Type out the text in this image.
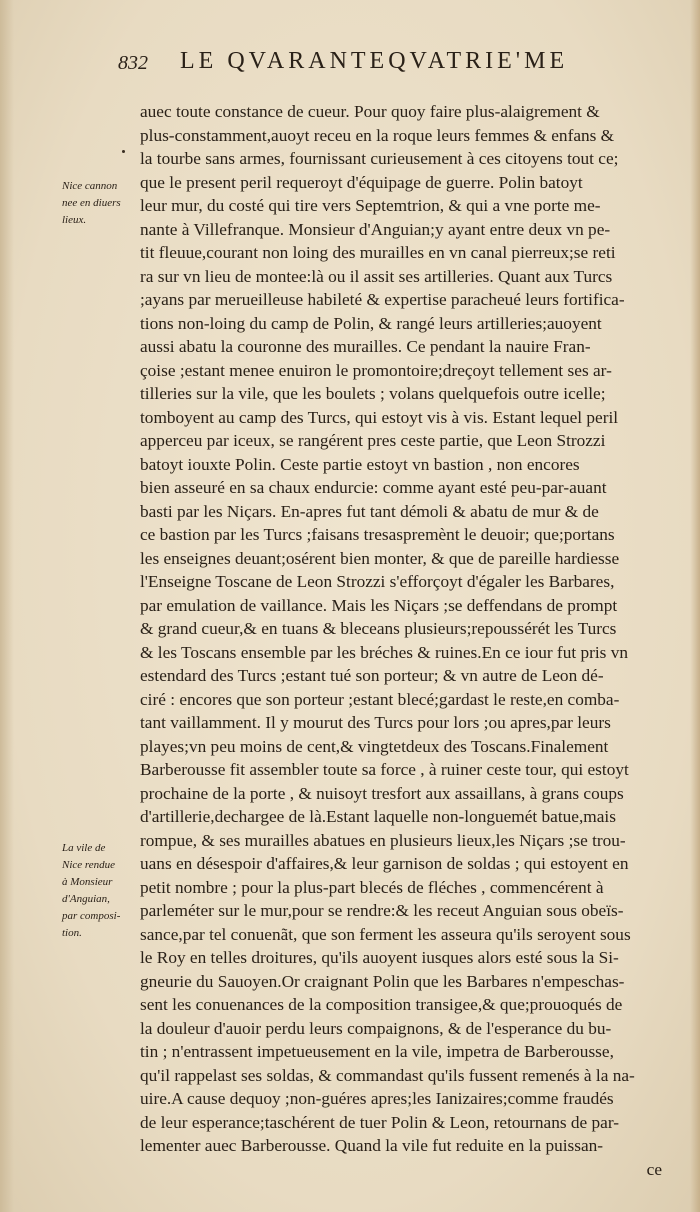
832 LE QVARANTEQVATRIE'ME
Nice cannon
nee en diuers
lieux.
La vile de
Nice rendue
à Monsieur
d'Anguian,
par composi-
tion.
auec toute constance de cueur. Pour quoy faire plus-alaigrement &
plus-constamment,auoyt receu en la roque leurs femmes & enfans &
la tourbe sans armes, fournissant curieusement à ces citoyens tout ce;
que le present peril requeroyt d'équipage de guerre. Polin batoyt
leur mur, du costé qui tire vers Septemtrion, & qui a vne porte me-
nante à Villefranque. Monsieur d'Anguian;y ayant entre deux vn pe-
tit fleuue,courant non loing des murailles en vn canal pierreux;se reti
ra sur vn lieu de montee:là ou il assit ses artilleries. Quant aux Turcs
;ayans par merueilleuse habileté & expertise paracheué leurs fortifica-
tions non-loing du camp de Polin, & rangé leurs artilleries;auoyent
aussi abatu la couronne des murailles. Ce pendant la nauire Fran-
çoise ;estant menee enuiron le promontoire;dreçoyt tellement ses ar-
tilleries sur la vile, que les boulets ; volans quelquefois outre icelle;
tomboyent au camp des Turcs, qui estoyt vis à vis. Estant lequel peril
apperceu par iceux, se rangérent pres ceste partie, que Leon Strozzi
batoyt iouxte Polin. Ceste partie estoyt vn bastion , non encores
bien asseuré en sa chaux endurcie: comme ayant esté peu-par-auant
basti par les Niçars. En-apres fut tant démoli & abatu de mur & de
ce bastion par les Turcs ;faisans tresaspremènt le deuoir; que;portans
les enseignes deuant;osérent bien monter, & que de pareille hardiesse
l'Enseigne Toscane de Leon Strozzi s'efforçoyt d'égaler les Barbares,
par emulation de vaillance. Mais les Niçars ;se deffendans de prompt
& grand cueur,& en tuans & bleceans plusieurs;repoussérét les Turcs
& les Toscans ensemble par les bréches & ruines.En ce iour fut pris vn
estendard des Turcs ;estant tué son porteur; & vn autre de Leon dé-
ciré : encores que son porteur ;estant blecé;gardast le reste,en comba-
tant vaillamment. Il y mourut des Turcs pour lors ;ou apres,par leurs
playes;vn peu moins de cent,& vingtetdeux des Toscans.Finalement
Barberousse fit assembler toute sa force , à ruiner ceste tour, qui estoyt
prochaine de la porte , & nuisoyt tresfort aux assaillans, à grans coups
d'artillerie,dechargee de là.Estant laquelle non-longuemét batue,mais
rompue, & ses murailles abatues en plusieurs lieux,les Niçars ;se trou-
uans en désespoir d'affaires,& leur garnison de soldas ; qui estoyent en
petit nombre ; pour la plus-part blecés de fléches , commencérent à
parleméter sur le mur,pour se rendre:& les receut Anguian sous obeïs-
sance,par tel conuenãt, que son ferment les asseura qu'ils seroyent sous
le Roy en telles droitures, qu'ils auoyent iusques alors esté sous la Si-
gneurie du Sauoyen.Or craignant Polin que les Barbares n'empeschas-
sent les conuenances de la composition transigee,& que;prouoqués de
la douleur d'auoir perdu leurs compaignons, & de l'esperance du bu-
tin ; n'entrassent impetueusement en la vile, impetra de Barberousse,
qu'il rappelast ses soldas, & commandast qu'ils fussent remenés à la na-
uire.A cause dequoy ;non-guéres apres;les Ianizaires;comme fraudés
de leur esperance;taschérent de tuer Polin & Leon, retournans de par-
lementer auec Barberousse. Quand la vile fut reduite en la puissan-
ce
